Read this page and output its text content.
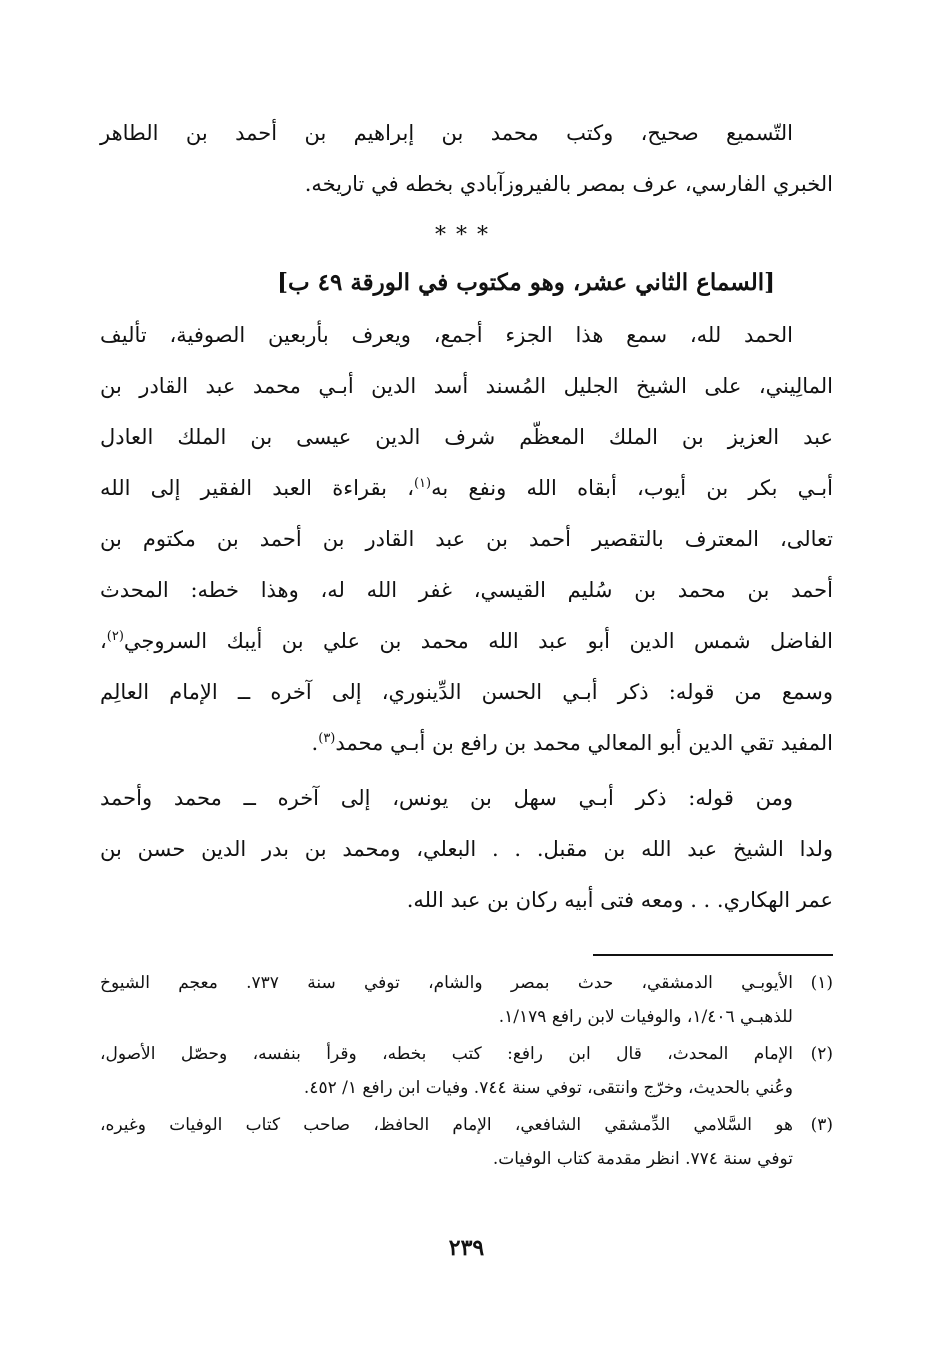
التّسميع صحيح، وكتب محمد بن إبراهيم بن أحمد بن الطاهر
الخبري الفارسي، عرف بمصر بالفيروزآبادي بخطه في تاريخه.
***
[السماع الثاني عشر، وهو مكتوب في الورقة ٤٩ ب]
الحمد لله، سمع هذا الجزء أجمع، ويعرف بأربعين الصوفية، تأليف
المالِيني، على الشيخ الجليل المُسند أسد الدين أبـي محمد عبد القادر بن
عبد العزيز بن الملك المعظّم شرف الدين عيسى بن الملك العادل
أبـي بكر بن أيوب، أبقاه الله ونفع به$^{(١)}$، بقراءة العبد الفقير إلى الله
تعالى، المعترف بالتقصير أحمد بن عبد القادر بن أحمد بن مكتوم بن
أحمد بن محمد بن سُليم القيسي، غفر الله له، وهذا خطه: المحدث
الفاضل شمس الدين أبو عبد الله محمد بن علي بن أيبك السروجي$^{(٢)}$،
وسمع من قوله: ذكر أبـي الحسن الدِّينوري، إلى آخره ــ الإمام العالِم
المفيد تقي الدين أبو المعالي محمد بن رافع بن أبـي محمد$^{(٣)}$.
ومن قوله: ذكر أبـي سهل بن يونس، إلى آخره ــ محمد وأحمد
ولدا الشيخ عبد الله بن مقبل. . . البعلي، ومحمد بن بدر الدين حسن بن
عمر الهكاري. . . ومعه فتى أبيه ركان بن عبد الله.
(١)
الأيوبـي الدمشقي، حدث بمصر والشام، توفي سنة ٧٣٧. معجم الشيوخ
للذهبـي ١/٤٠٦، والوفيات لابن رافع ١/١٧٩.
(٢)
الإمام المحدث، قال ابن رافع: كتب بخطه، وقرأ بنفسه، وحصّل الأصول،
وعُني بالحديث، وخرّج وانتقى، توفي سنة ٧٤٤. وفيات ابن رافع ١/ ٤٥٢.
(٣)
هو السَّلامي الدِّمشقي الشافعي، الإمام الحافظ، صاحب كتاب الوفيات وغيره،
توفي سنة ٧٧٤. انظر مقدمة كتاب الوفيات.
٢٣٩
